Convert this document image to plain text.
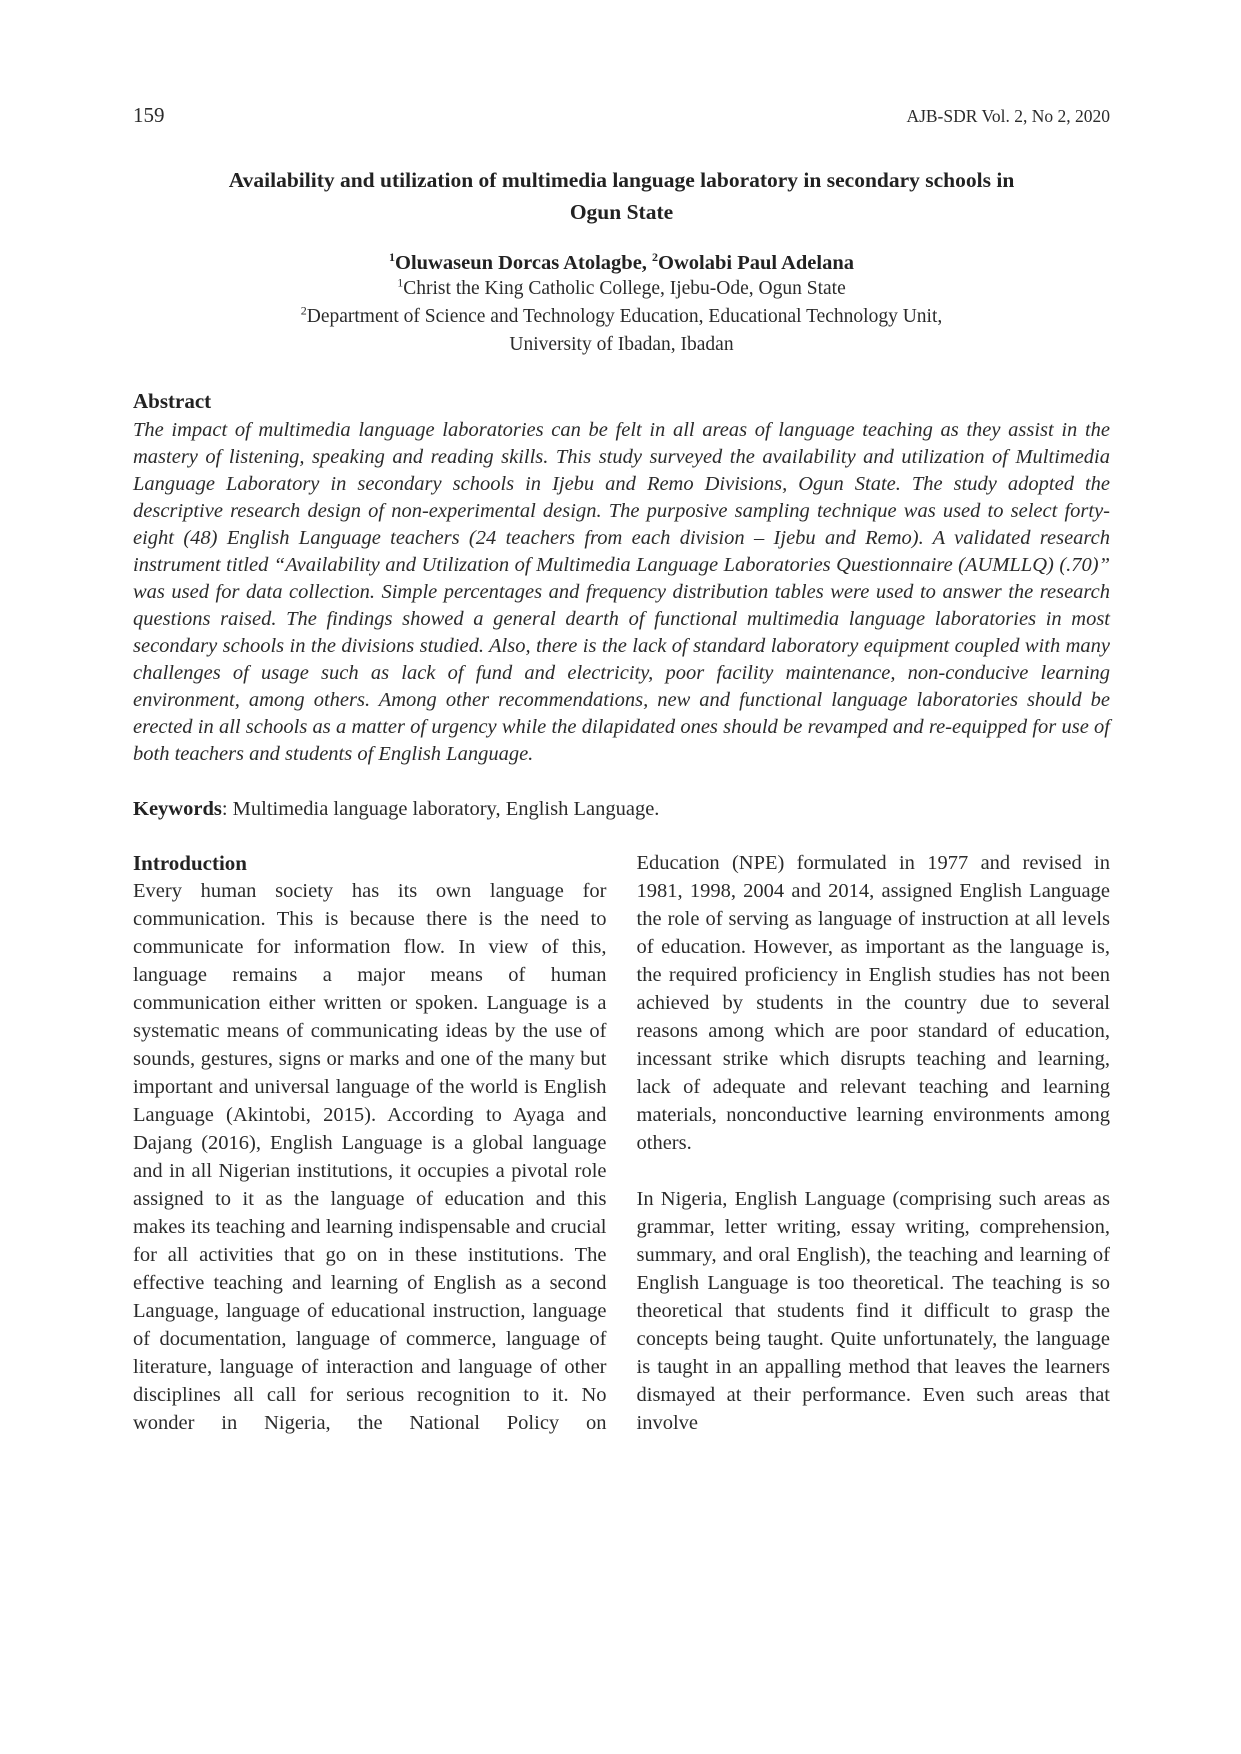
159	AJB-SDR Vol. 2, No 2, 2020
Availability and utilization of multimedia language laboratory in secondary schools in
Ogun State
$^1$Oluwaseun Dorcas Atolagbe, $^2$Owolabi Paul Adelana
$^1$Christ the King Catholic College, Ijebu-Ode, Ogun State
$^2$Department of Science and Technology Education, Educational Technology Unit,
University of Ibadan, Ibadan
Abstract

The impact of multimedia language laboratories can be felt in all areas of language teaching as they assist in the mastery of listening, speaking and reading skills. This study surveyed the availability and utilization of Multimedia Language Laboratory in secondary schools in Ijebu and Remo Divisions, Ogun State. The study adopted the descriptive research design of non-experimental design. The purposive sampling technique was used to select forty-eight (48) English Language teachers (24 teachers from each division – Ijebu and Remo). A validated research instrument titled “Availability and Utilization of Multimedia Language Laboratories Questionnaire (AUMLLQ) (.70)” was used for data collection. Simple percentages and frequency distribution tables were used to answer the research questions raised. The findings showed a general dearth of functional multimedia language laboratories in most secondary schools in the divisions studied. Also, there is the lack of standard laboratory equipment coupled with many challenges of usage such as lack of fund and electricity, poor facility maintenance, non-conducive learning environment, among others. Among other recommendations, new and functional language laboratories should be erected in all schools as a matter of urgency while the dilapidated ones should be revamped and re-equipped for use of both teachers and students of English Language.

Keywords: Multimedia language laboratory, English Language.

Introduction

Every human society has its own language for communication. This is because there is the need to communicate for information flow. In view of this, language remains a major means of human communication either written or spoken. Language is a systematic means of communicating ideas by the use of sounds, gestures, signs or marks and one of the many but important and universal language of the world is English Language (Akintobi, 2015). According to Ayaga and Dajang (2016), English Language is a global language and in all Nigerian institutions, it occupies a pivotal role assigned to it as the language of education and this makes its teaching and learning indispensable and crucial for all activities that go on in these institutions. The effective teaching and learning of English as a second Language, language of educational instruction, language of documentation, language of commerce, language of literature, language of interaction and language of other disciplines all call for serious recognition to it. No wonder in Nigeria, the National Policy on

Education (NPE) formulated in 1977 and revised in 1981, 1998, 2004 and 2014, assigned English Language the role of serving as language of instruction at all levels of education. However, as important as the language is, the required proficiency in English studies has not been achieved by students in the country due to several reasons among which are poor standard of education, incessant strike which disrupts teaching and learning, lack of adequate and relevant teaching and learning materials, nonconductive learning environments among others.

In Nigeria, English Language (comprising such areas as grammar, letter writing, essay writing, comprehension, summary, and oral English), the teaching and learning of English Language is too theoretical. The teaching is so theoretical that students find it difficult to grasp the concepts being taught. Quite unfortunately, the language is taught in an appalling method that leaves the learners dismayed at their performance. Even such areas that involve
